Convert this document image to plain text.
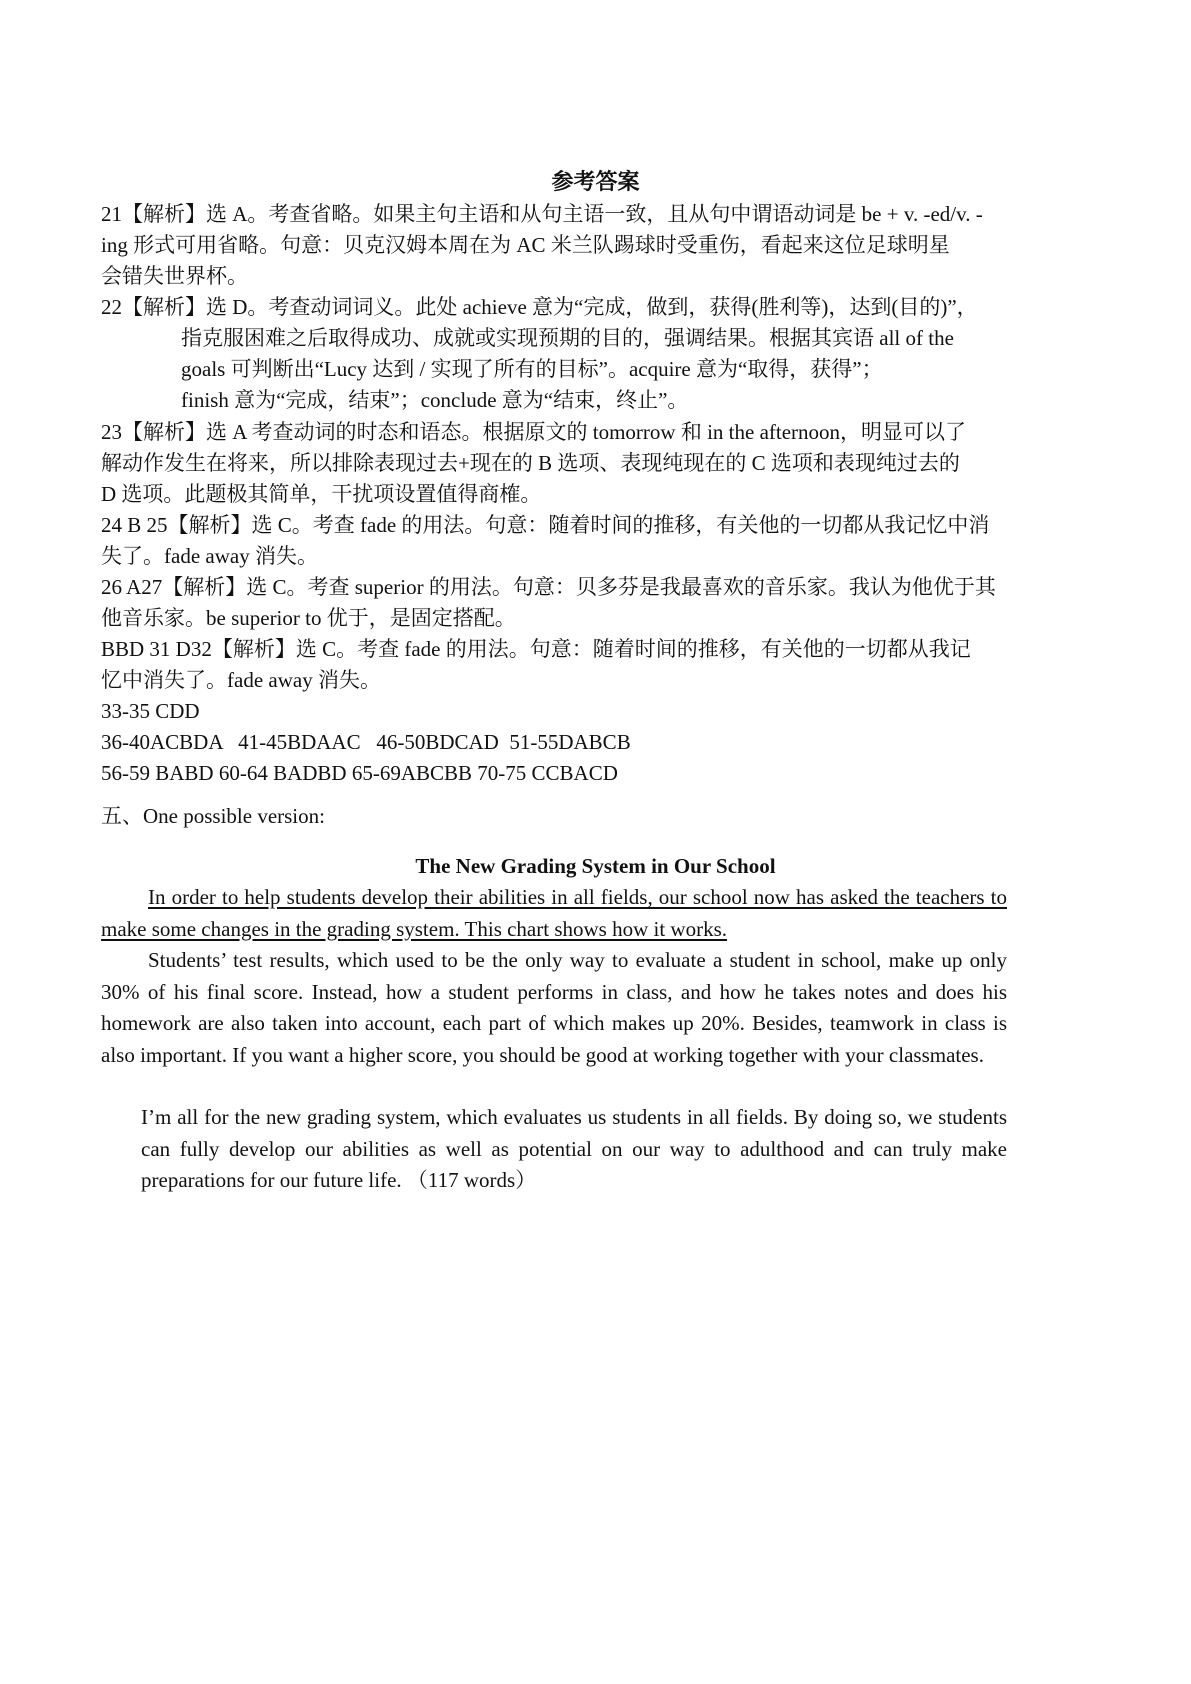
参考答案
21【解析】选 A。考查省略。如果主句主语和从句主语一致，且从句中谓语动词是 be + v. -ed/v. -
ing 形式可用省略。句意：贝克汉姆本周在为 AC 米兰队踢球时受重伤，看起来这位足球明星
会错失世界杯。
22【解析】选 D。考查动词词义。此处 achieve 意为“完成，做到，获得(胜利等)，达到(目的)”，
指克服困难之后取得成功、成就或实现预期的目的，强调结果。根据其宾语 all of the
goals 可判断出“Lucy 达到 / 实现了所有的目标”。acquire 意为“取得，获得”；
finish 意为“完成，结束”；conclude 意为“结束，终止”。
23【解析】选 A 考查动词的时态和语态。根据原文的 tomorrow 和 in the afternoon，明显可以了
解动作发生在将来，所以排除表现过去+现在的 B 选项、表现纯现在的 C 选项和表现纯过去的
D 选项。此题极其简单，干扰项设置值得商榷。
24 B 25【解析】选 C。考查 fade 的用法。句意：随着时间的推移，有关他的一切都从我记忆中消
失了。fade away 消失。
26 A27【解析】选 C。考查 superior 的用法。句意：贝多芬是我最喜欢的音乐家。我认为他优于其
他音乐家。be superior to 优于，是固定搭配。
BBD 31 D32【解析】选 C。考查 fade 的用法。句意：随着时间的推移，有关他的一切都从我记
忆中消失了。fade away 消失。
33-35 CDD
36-40ACBDA   41-45BDAAC   46-50BDCAD  51-55DABCB
56-59 BABD 60-64 BADBD 65-69ABCBB 70-75 CCBACD
五、One possible version:
The New Grading System in Our School
In order to help students develop their abilities in all fields, our school now has asked the teachers to make some changes in the grading system. This chart shows how it works.
Students’ test results, which used to be the only way to evaluate a student in school, make up only 30% of his final score. Instead, how a student performs in class, and how he takes notes and does his homework are also taken into account, each part of which makes up 20%. Besides, teamwork in class is also important. If you want a higher score, you should be good at working together with your classmates.
I’m all for the new grading system, which evaluates us students in all fields. By doing so, we students can fully develop our abilities as well as potential on our way to adulthood and can truly make preparations for our future life. （117 words）
